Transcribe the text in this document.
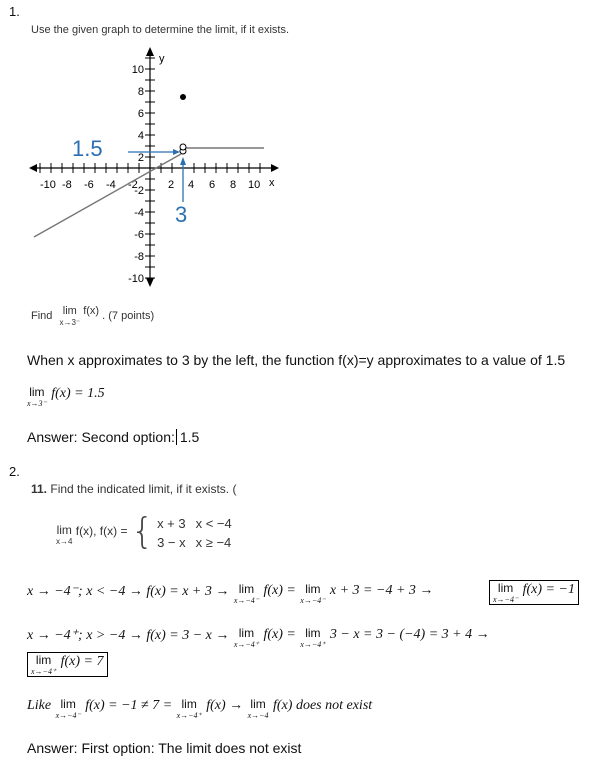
1.
Use the given graph to determine the limit, if it exists.
-10 -8 -6 -4 -2	2 4 6 8 10 x
10
8
6
4
2
-2
-4
-6
-8
-10
y
1.5
3
Find lim
x→3⁻
f(x) . (7 points)
When x approximates to 3 by the left, the function f(x)=y approximates to a value of 1.5
lim
x→3⁻
f(x) = 1.5
Answer: Second option: 1.5
2.
11. Find the indicated limit, if it exists. (
lim
x→4
f(x), f(x) = { x + 3 x < −4
3 − x x ≥ −4
x → −4⁻; x < −4 → f(x) = x + 3 → lim
x→−4⁻
f(x) = lim
x→−4⁻
x + 3 = −4 + 3 →	lim
x→−4⁻
f(x) = −1
x → −4⁺; x > −4 → f(x) = 3 − x → lim
x→−4⁺
f(x) = lim
x→−4⁺
3 − x = 3 − (−4) = 3 + 4 →
lim
x→−4⁺
f(x) = 7
Like lim
x→−4⁻
f(x) = −1 ≠ 7 = lim
x→−4⁺
f(x) → lim
x→−4
f(x) does not exist
Answer: First option: The limit does not exist
